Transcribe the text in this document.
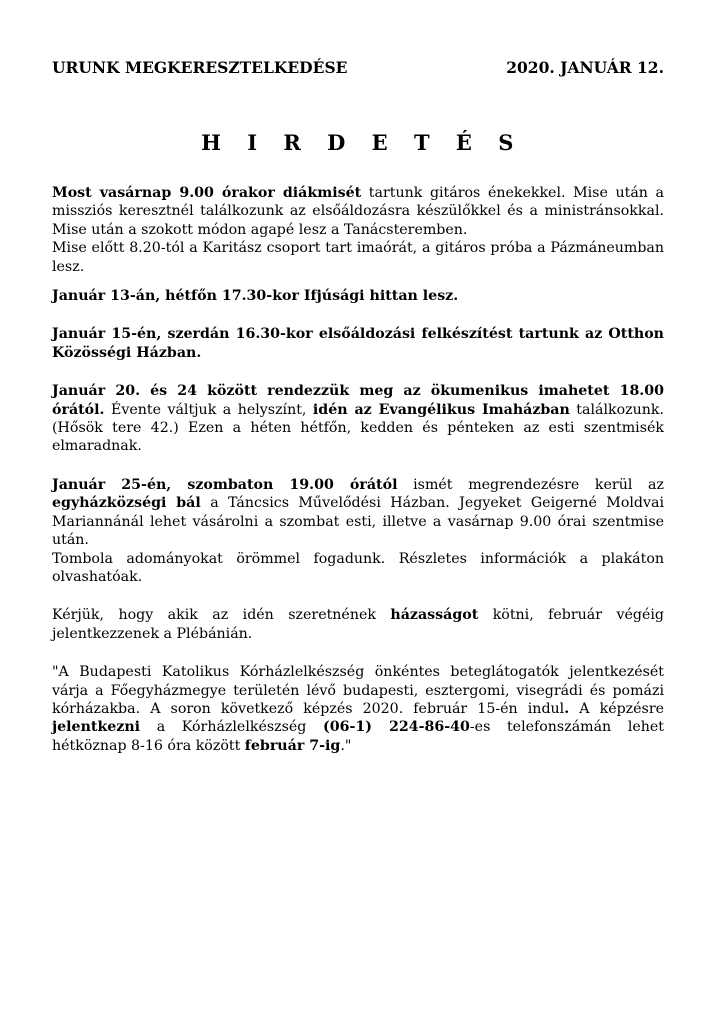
URUNK MEGKERESZTELKEDÉSE	2020. JANUÁR 12.
H I R D E T É S

Most vasárnap 9.00 órakor diákmisét tartunk gitáros énekekkel. Mise után a missziós keresztnél találkozunk az elsőáldozásra készülőkkel és a ministránsokkal. Mise után a szokott módon agapé lesz a Tanácsteremben.

Mise előtt 8.20-tól a Karitász csoport tart imaórát, a gitáros próba a Pázmáneumban lesz.

Január 13-án, hétfőn 17.30-kor Ifjúsági hittan lesz.

Január 15-én, szerdán 16.30-kor elsőáldozási felkészítést tartunk az Otthon Közösségi Házban.

Január 20. és 24 között rendezzük meg az ökumenikus imahetet 18.00 órától. Évente váltjuk a helyszínt, idén az Evangélikus Imaházban találkozunk. (Hősök tere 42.) Ezen a héten hétfőn, kedden és pénteken az esti szentmisék elmaradnak.

Január 25-én, szombaton 19.00 órától ismét megrendezésre kerül az egyházközségi bál a Táncsics Művelődési Házban. Jegyeket Geigerné Moldvai Mariannánál lehet vásárolni a szombat esti, illetve a vasárnap 9.00 órai szentmise után.

Tombola adományokat örömmel fogadunk. Részletes információk a plakáton olvashatóak.

Kérjük, hogy akik az idén szeretnének házasságot kötni, február végéig jelentkezzenek a Plébánián.

"A Budapesti Katolikus Kórházlelkészség önkéntes beteglátogatók jelentkezését várja a Főegyházmegye területén lévő budapesti, esztergomi, visegrádi és pomázi kórházakba. A soron következő képzés 2020. február 15-én indul. A képzésre jelentkezni a Kórházlelkészség (06-1) 224-86-40-es telefonszámán lehet hétköznap 8-16 óra között február 7-ig."
